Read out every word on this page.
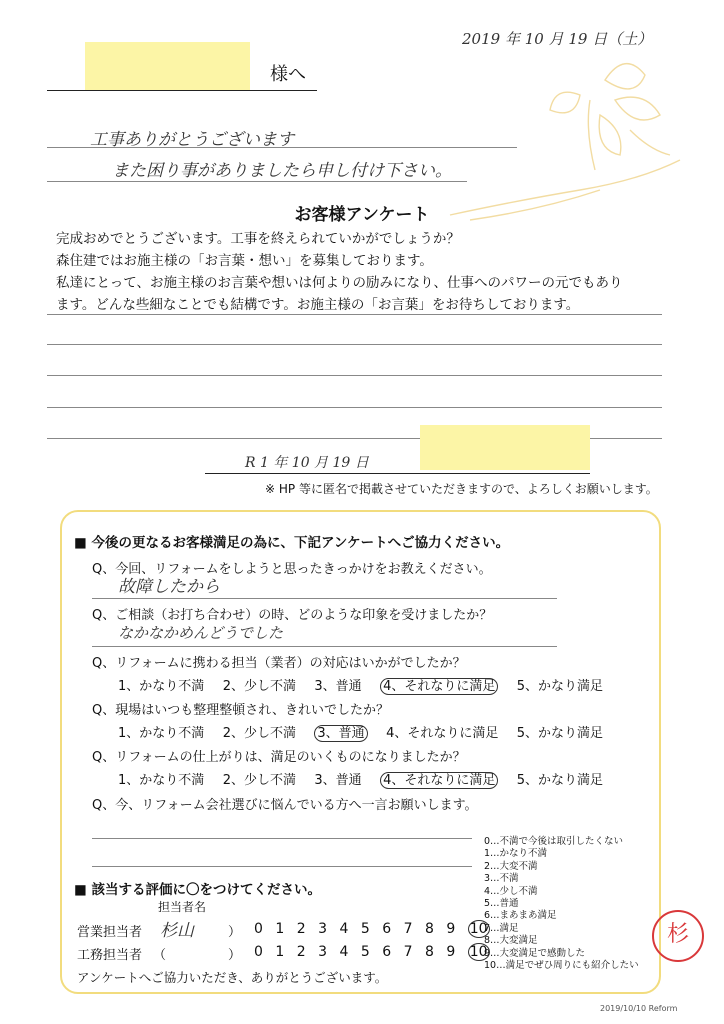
2019 年 10 月 19 日（土）
様へ
工事ありがとうございます
また困り事がありましたら申し付け下さい。
お客様アンケート
完成おめでとうございます。工事を終えられていかがでしょうか？
森住建ではお施主様の「お言葉・想い」を募集しております。
私達にとって、お施主様のお言葉や想いは何よりの励みになり、仕事へのパワーの元でもあり
ます。どんな些細なことでも結構です。お施主様の「お言葉」をお待ちしております。
R 1 年 10 月 19 日
※ HP 等に匿名で掲載させていただきますので、よろしくお願いします。
■ 今後の更なるお客様満足の為に、下記アンケートへご協力ください。
Q、今回、リフォームをしようと思ったきっかけをお教えください。
故障したから
Q、ご相談（お打ち合わせ）の時、どのような印象を受けましたか？
なかなかめんどうでした
Q、リフォームに携わる担当（業者）の対応はいかがでしたか？
1、かなり不満 2、少し不満 3、普通 4、それなりに満足 5、かなり満足
Q、現場はいつも整理整頓され、きれいでしたか？
1、かなり不満 2、少し不満 3、普通 4、それなりに満足 5、かなり満足
Q、リフォームの仕上がりは、満足のいくものになりましたか？
1、かなり不満 2、少し不満 3、普通 4、それなりに満足 5、かなり満足
Q、今、リフォーム会社選びに悩んでいる方へ一言お願いします。
0…不満で今後は取引したくない
1…かなり不満
2…大変不満
3…不満
4…少し不満
5…普通
6…まあまあ満足
7…満足
8…大変満足
9…大変満足で感動した
10…満足でぜひ周りにも紹介したい
■ 該当する評価に〇をつけてください。
担当者名
営業担当者 杉山	） 0 1 2 3 4 5 6 7 8 9 10
工務担当者 （	） 0 1 2 3 4 5 6 7 8 9 10
アンケートへご協力いただき、ありがとうございます。
杉
2019/10/10 Reform
